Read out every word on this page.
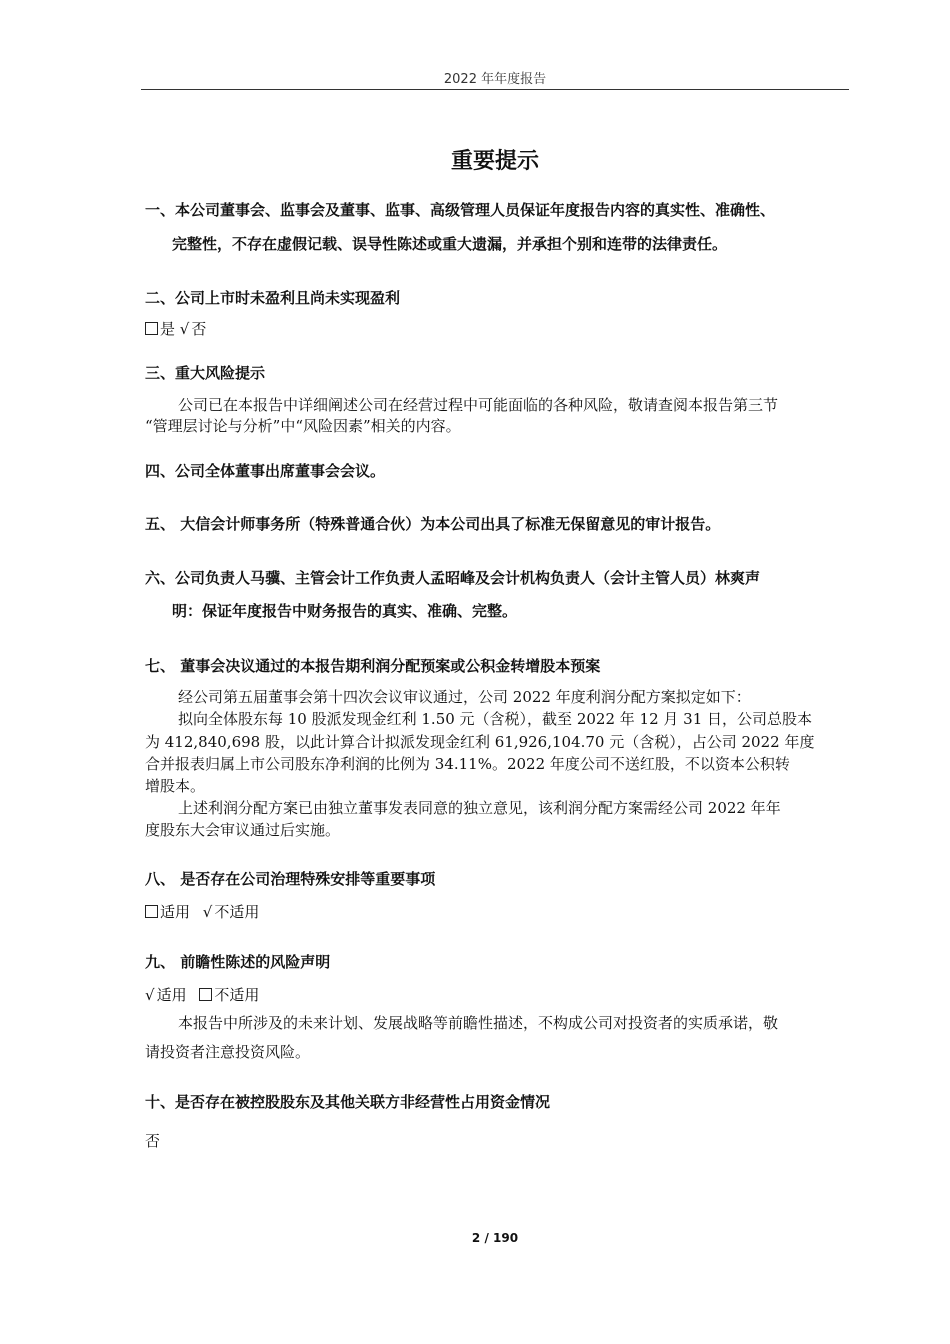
2022 年年度报告
重要提示
一、本公司董事会、监事会及董事、监事、高级管理人员保证年度报告内容的真实性、准确性、
完整性，不存在虚假记载、误导性陈述或重大遗漏，并承担个别和连带的法律责任。
二、公司上市时未盈利且尚未实现盈利
是 √ 否
三、重大风险提示
公司已在本报告中详细阐述公司在经营过程中可能面临的各种风险，敬请查阅本报告第三节
“管理层讨论与分析”中“风险因素”相关的内容。
四、公司全体董事出席董事会会议。
五、 大信会计师事务所（特殊普通合伙）为本公司出具了标准无保留意见的审计报告。
六、公司负责人马骥、主管会计工作负责人孟昭峰及会计机构负责人（会计主管人员）林爽声
明：保证年度报告中财务报告的真实、准确、完整。
七、 董事会决议通过的本报告期利润分配预案或公积金转增股本预案
经公司第五届董事会第十四次会议审议通过，公司 2022 年度利润分配方案拟定如下：
拟向全体股东每 10 股派发现金红利 1.50 元（含税），截至 2022 年 12 月 31 日，公司总股本
为 412,840,698 股，以此计算合计拟派发现金红利 61,926,104.70 元（含税），占公司 2022 年度
合并报表归属上市公司股东净利润的比例为 34.11%。2022 年度公司不送红股，不以资本公积转
增股本。
上述利润分配方案已由独立董事发表同意的独立意见，该利润分配方案需经公司 2022 年年
度股东大会审议通过后实施。
八、 是否存在公司治理特殊安排等重要事项
适用 √ 不适用
九、 前瞻性陈述的风险声明
√ 适用 不适用
本报告中所涉及的未来计划、发展战略等前瞻性描述，不构成公司对投资者的实质承诺，敬
请投资者注意投资风险。
十、是否存在被控股股东及其他关联方非经营性占用资金情况
否
2 / 190
